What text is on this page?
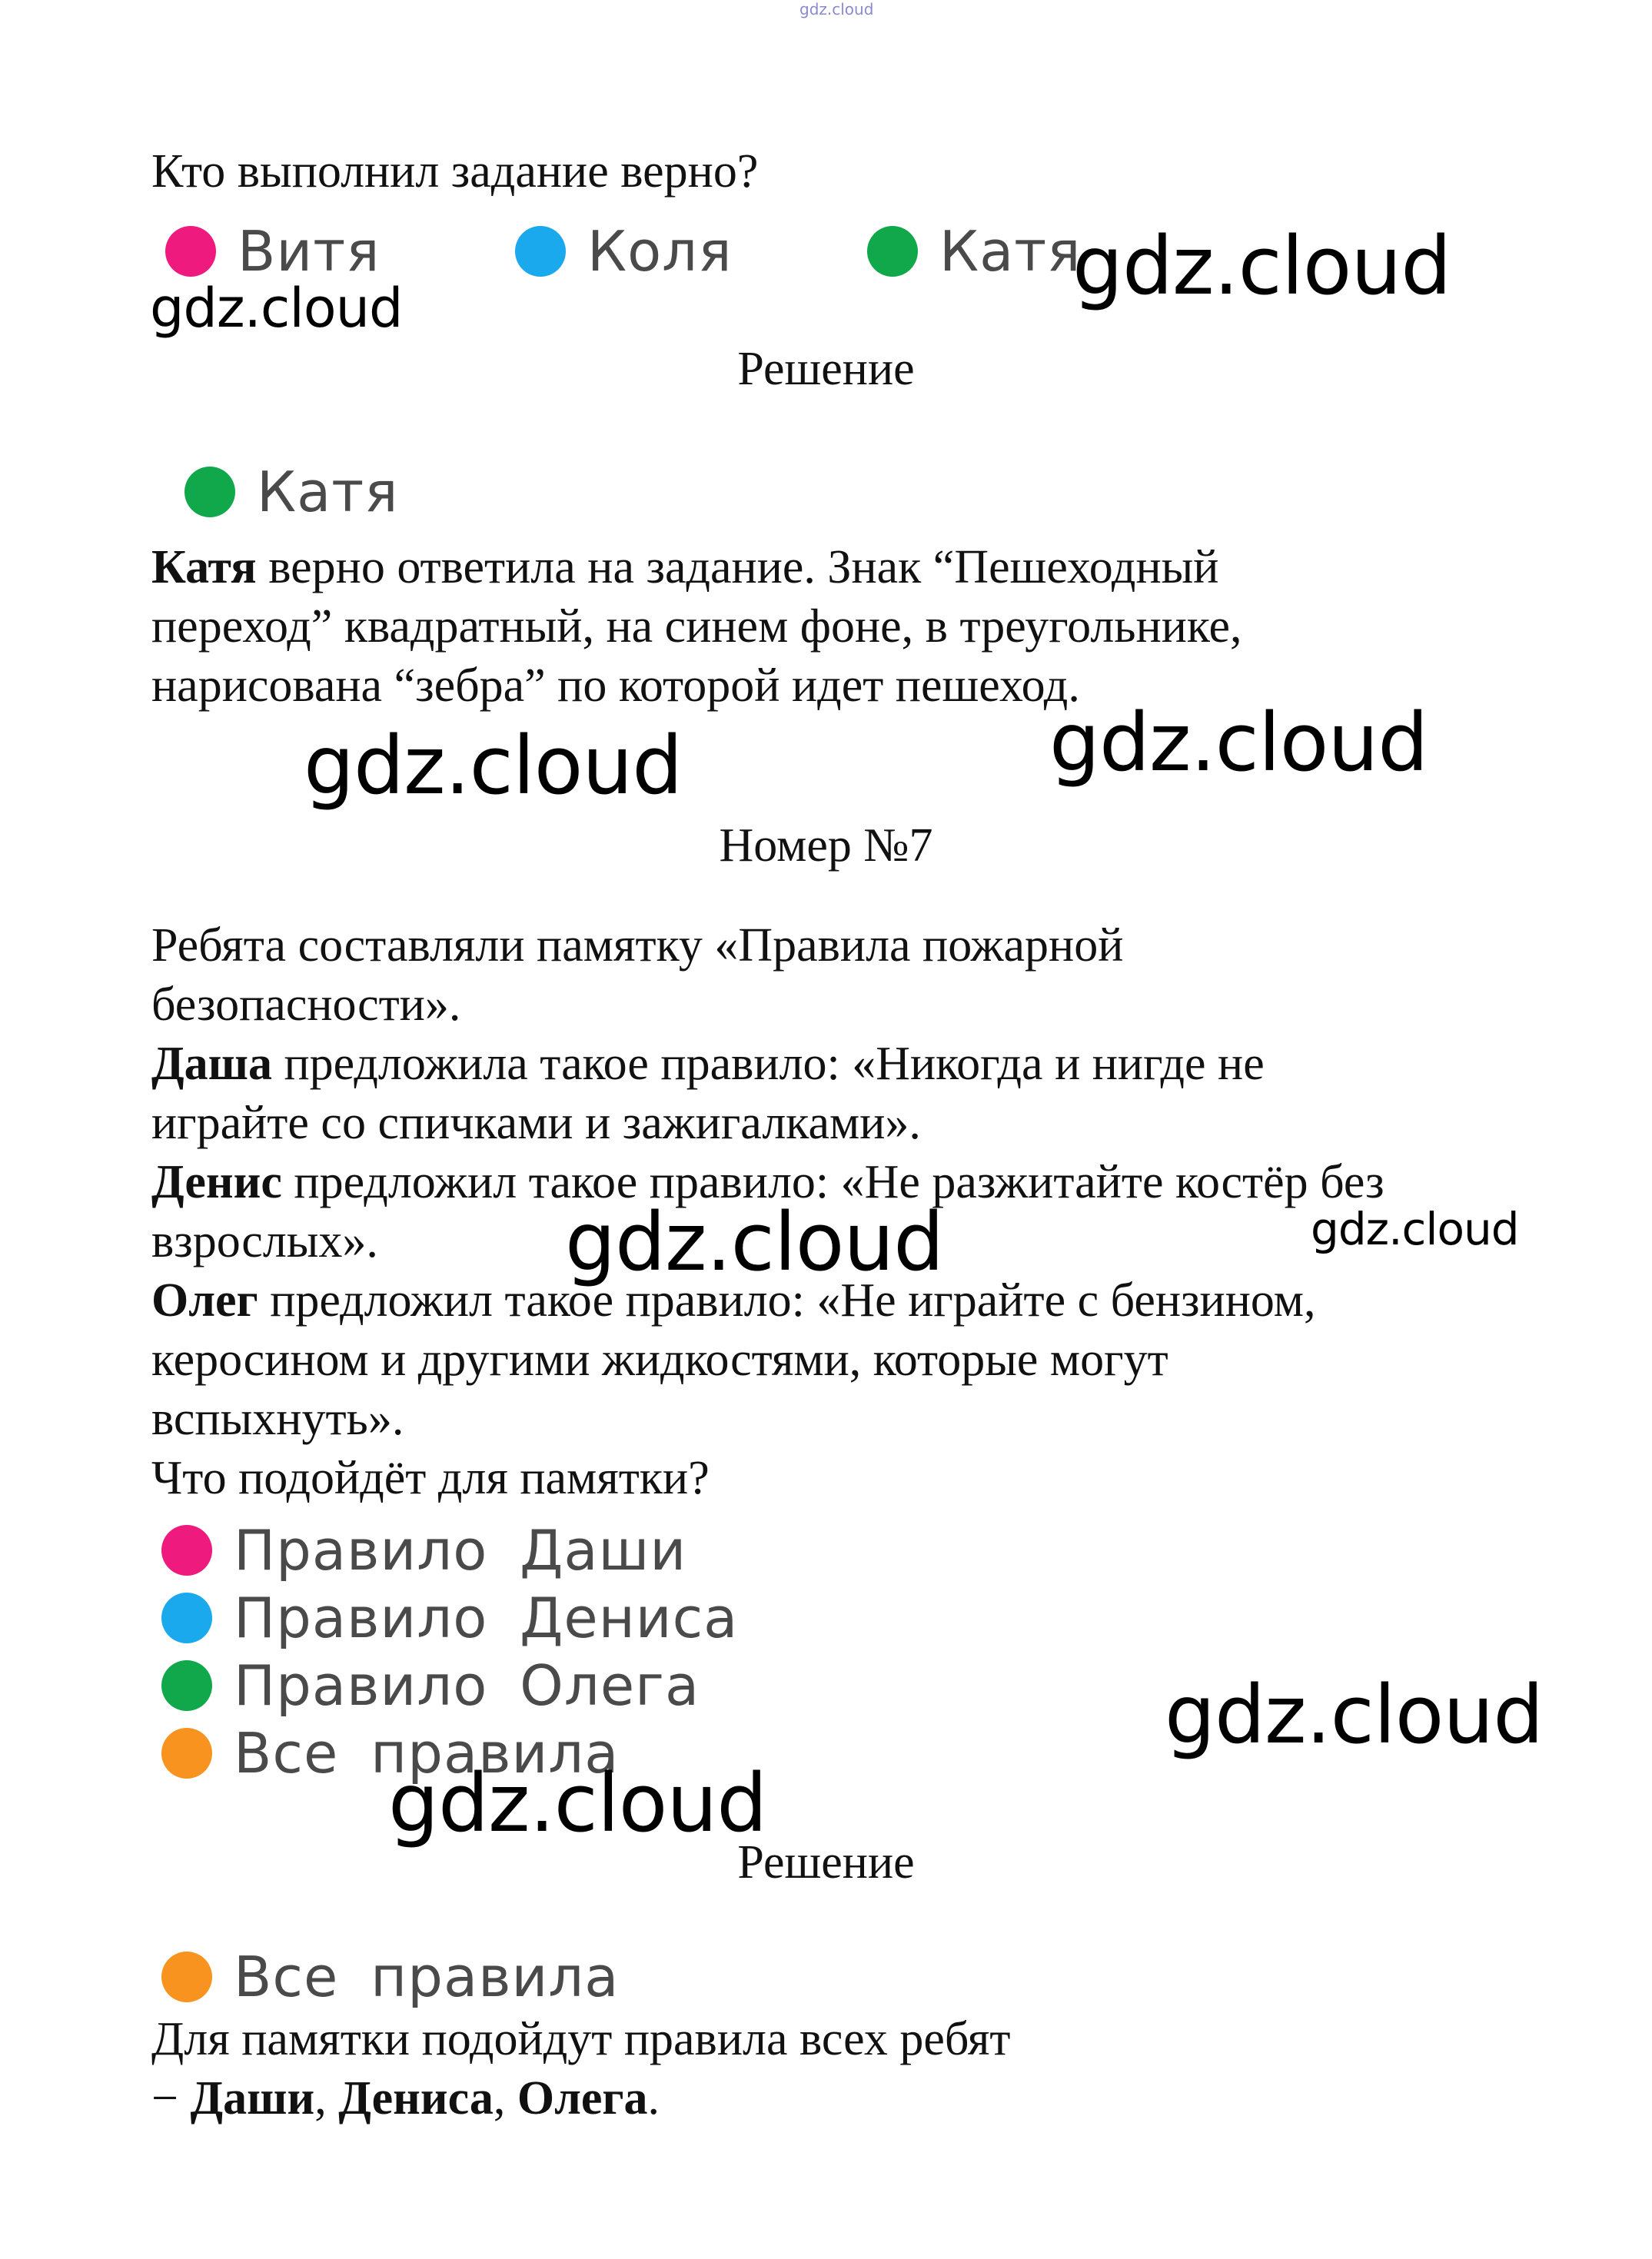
gdz.cloud
Кто выполнил задание верно?
Витя	Коля	Катя
Решение
Катя
Катя верно ответила на задание. Знак “Пешеходный
переход” квадратный, на синем фоне, в треугольнике,
нарисована “зебра” по которой идет пешеход.
Номер №7
Ребята составляли памятку «Правила пожарной
безопасности».
Даша предложила такое правило: «Никогда и нигде не
играйте со спичками и зажигалками».
Денис предложил такое правило: «Не разжитайте костёр без
взрослых».
Олег предложил такое правило: «Не играйте с бензином,
керосином и другими жидкостями, которые могут
вспыхнуть».
Что подойдёт для памятки?
Правило Даши
Правило Дениса
Правило Олега
Все правила
Решение
Все правила
Для памятки подойдут правила всех ребят
− Даши, Дениса, Олега.
gdz.cloud
gdz.cloud
gdz.cloud	gdz.cloud
gdz.cloud	gdz.cloud
gdz.cloud
gdz.cloud
